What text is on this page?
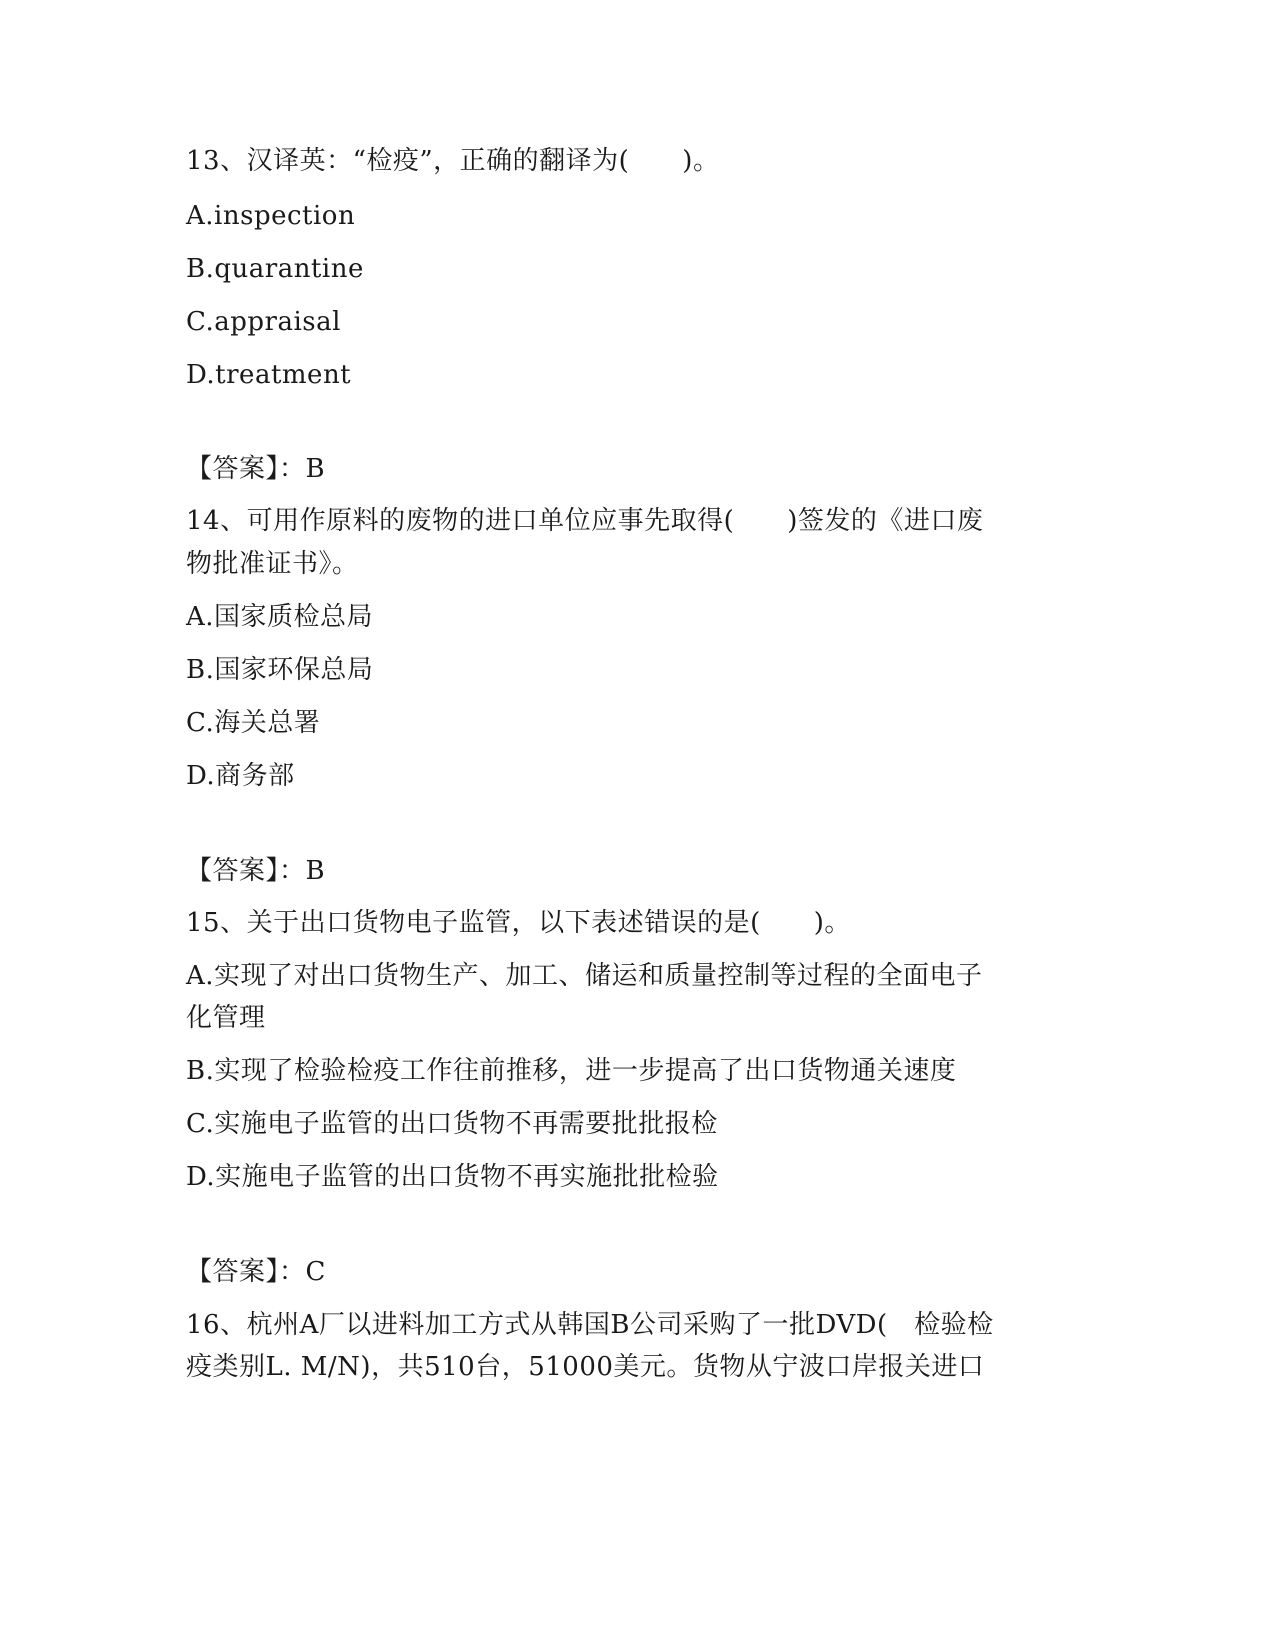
13、汉译英：“检疫”，正确的翻译为(　　)。
A.inspection
B.quarantine
C.appraisal
D.treatment
【答案】：B
14、可用作原料的废物的进口单位应事先取得(　　)签发的《进口废
物批准证书》。
A.国家质检总局
B.国家环保总局
C.海关总署
D.商务部
【答案】：B
15、关于出口货物电子监管，以下表述错误的是(　　)。
A.实现了对出口货物生产、加工、储运和质量控制等过程的全面电子
化管理
B.实现了检验检疫工作往前推移，进一步提高了出口货物通关速度
C.实施电子监管的出口货物不再需要批批报检
D.实施电子监管的出口货物不再实施批批检验
【答案】：C
16、杭州A厂以进料加工方式从韩国B公司采购了一批DVD(　检验检
疫类别L. M/N)，共510台，51000美元。货物从宁波口岸报关进口
